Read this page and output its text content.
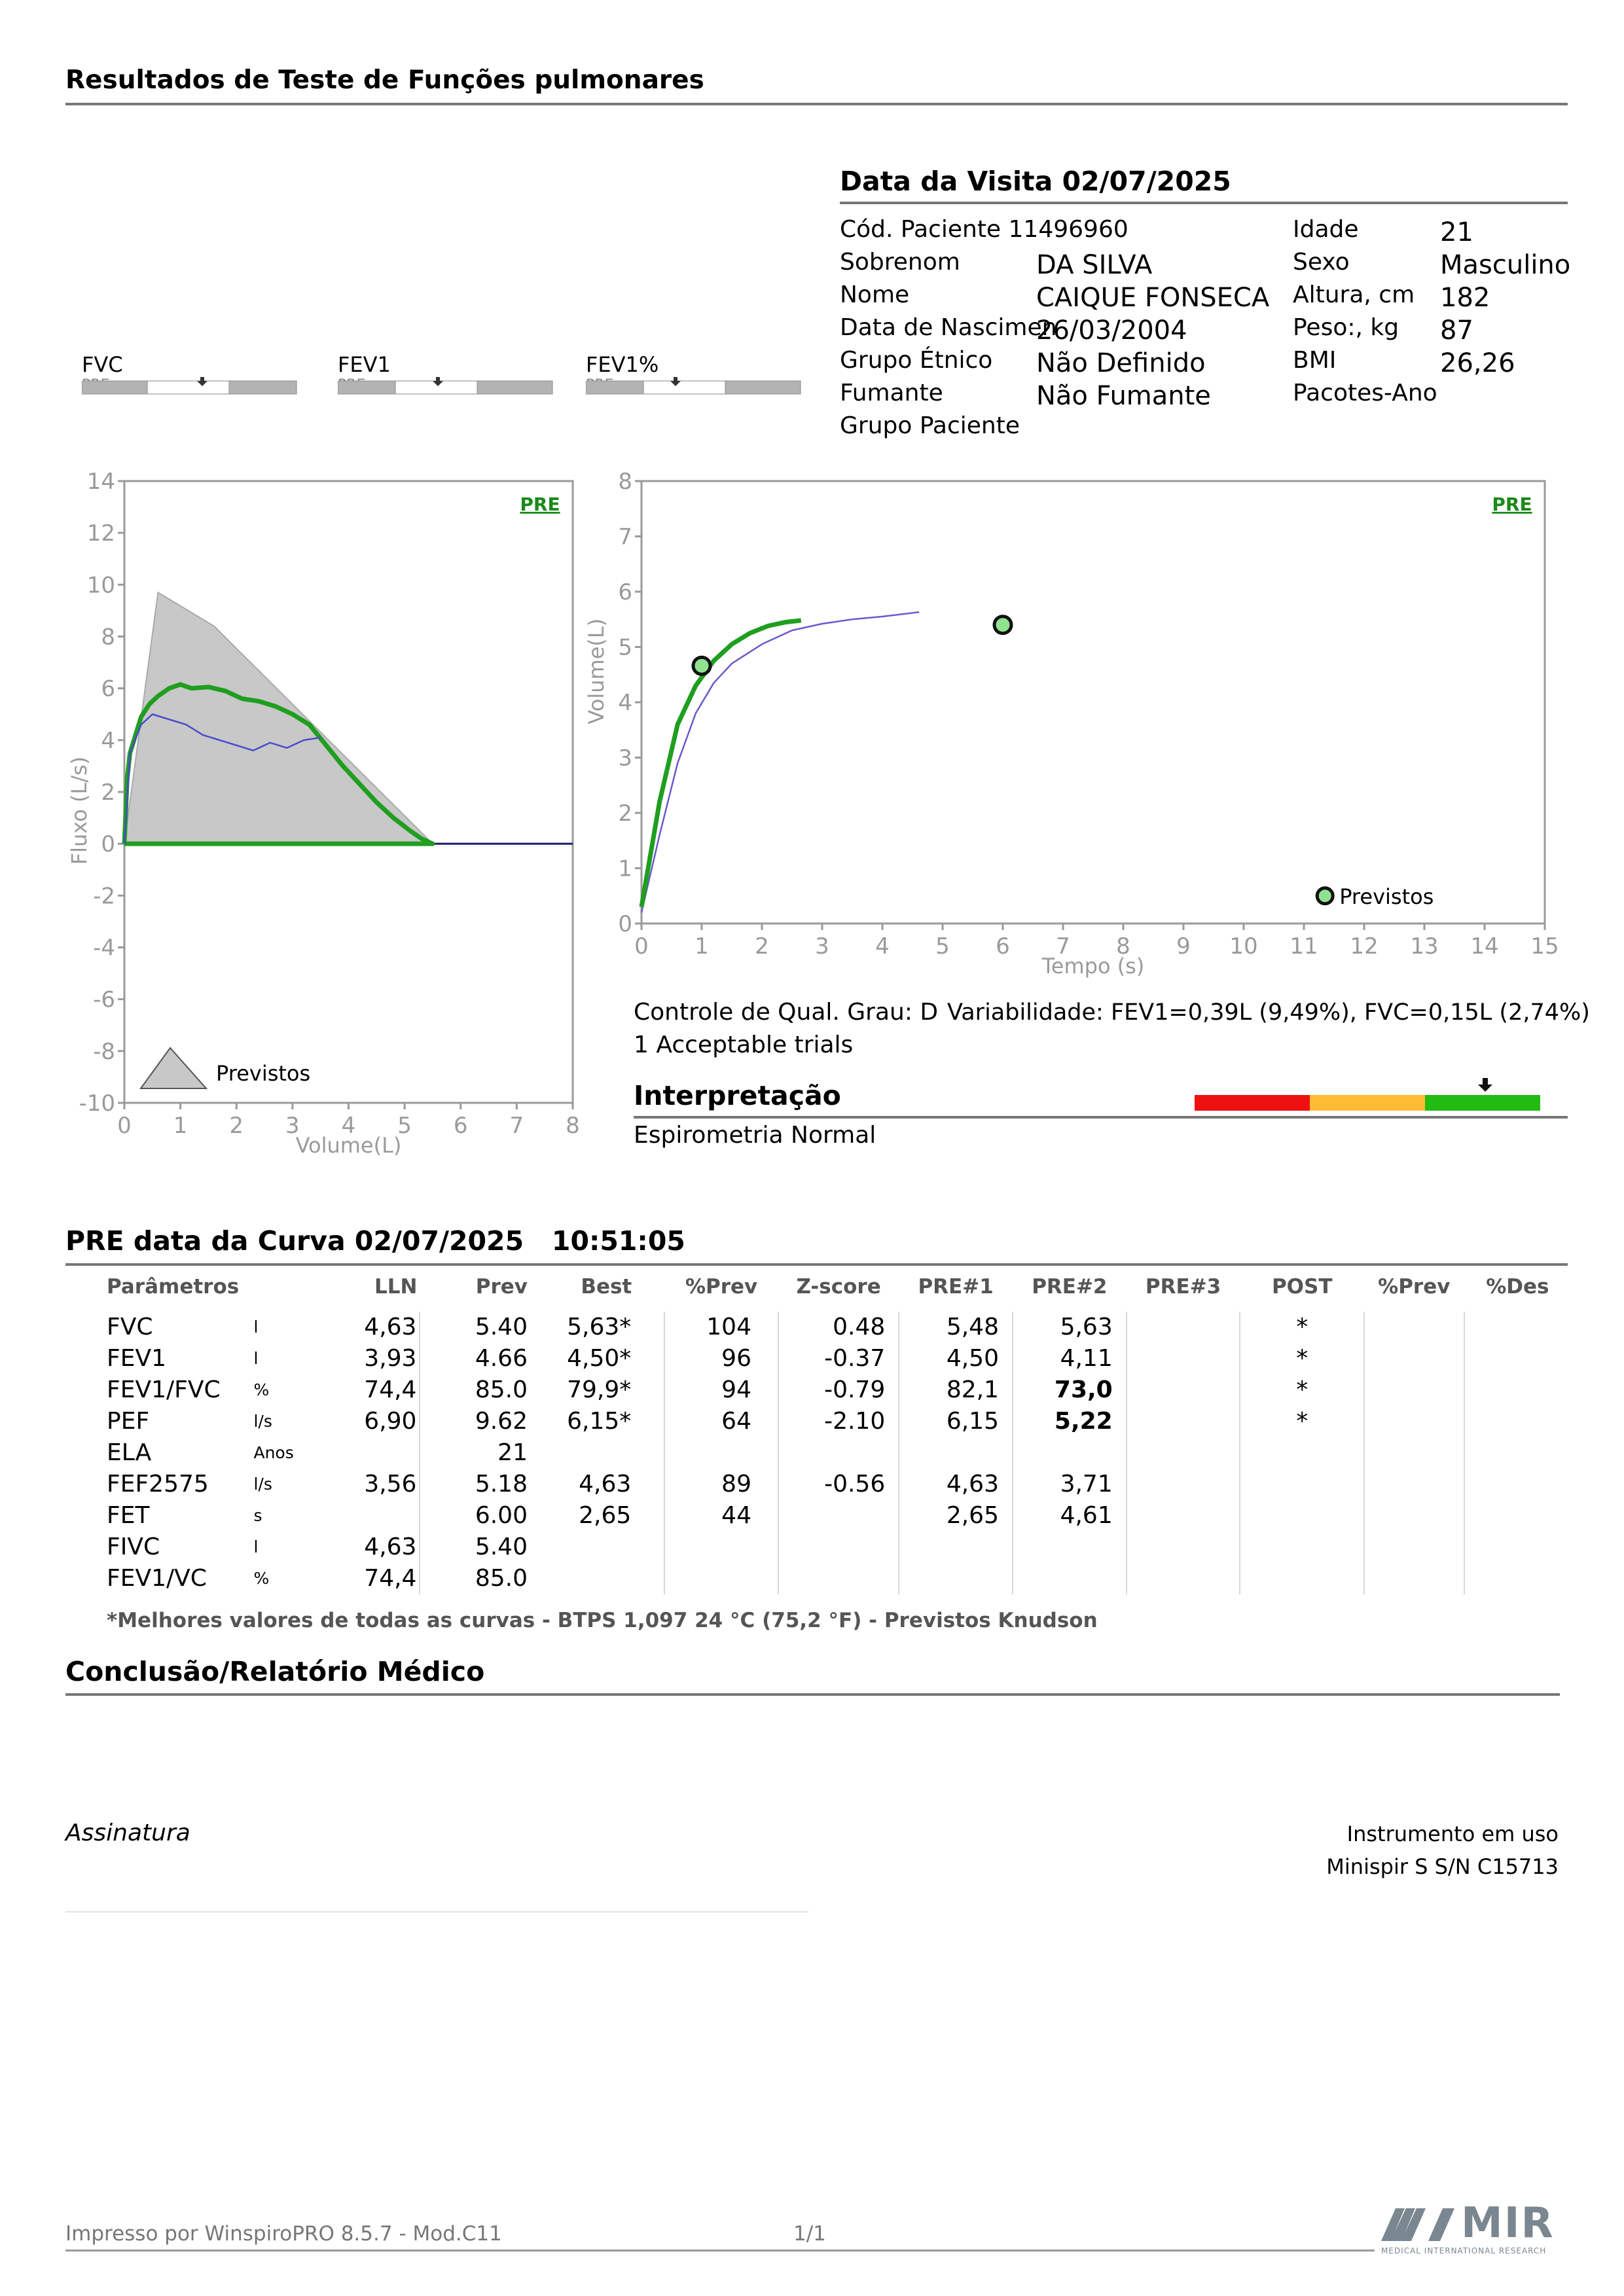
Resultados de Teste de Funções pulmonares
Data da Visita 02/07/2025
Cód. Paciente 11496960
Sobrenom	DA SILVA
Nome	CAIQUE FONSECA
Data de Nascimen
26/03/2004
Grupo Étnico Não Definido
Fumante	Não Fumante
Grupo Paciente
Idade	21
Sexo	Masculino
Altura, cm 182
Peso:, kg 87
BMI	26,26
Pacotes-Ano
FVC	FEV1	FEV1%
14
12
10
8
6
4
2
0
-2
-4
-6
-8
-10
0 1 2 3 4 5 6 7 8
Volume(L)
Fluxo (L/s)
PRE
Previstos
8
7
6
5
4
3
2
1
0
0 1 2 3 4 5 6 7 8 9 10 11 12 13 14 15
Tempo (s)
Volume(L)
PRE
Previstos
Controle de Qual. Grau: D Variabilidade: FEV1=0,39L (9,49%), FVC=0,15L (2,74%)
1 Acceptable trials
Interpretação
Espirometria Normal
PRE data da Curva 02/07/2025 10:51:05
Parâmetros		LLN	Prev	Best	%Prev	Z-score	PRE#1	PRE#2	PRE#3	POST	%Prev	%Des
FVC	l	4,63	5.40	5,63*	104	0.48	5,48	5,63		*		
FEV1	l	3,93	4.66	4,50*	96	-0.37	4,50	4,11		*		
FEV1/FVC	%	74,4	85.0	79,9*	94	-0.79	82,1	73,0		*		
PEF	l/s	6,90	9.62	6,15*	64	-2.10	6,15	5,22		*		
ELA	Anos		21									
FEF2575	l/s	3,56	5.18	4,63	89	-0.56	4,63	3,71				
FET	s		6.00	2,65	44		2,65	4,61				
FIVC	l	4,63	5.40									
FEV1/VC	%	74,4	85.0									
*Melhores valores de todas as curvas - BTPS 1,097 24 °C (75,2 °F) - Previstos Knudson
Conclusão/Relatório Médico
Assinatura	Instrumento em uso
Minispir S S/N C15713
Impresso por WinspiroPRO 8.5.7 - Mod.C11	1/1	MIR
MEDICAL INTERNATIONAL RESEARCH
